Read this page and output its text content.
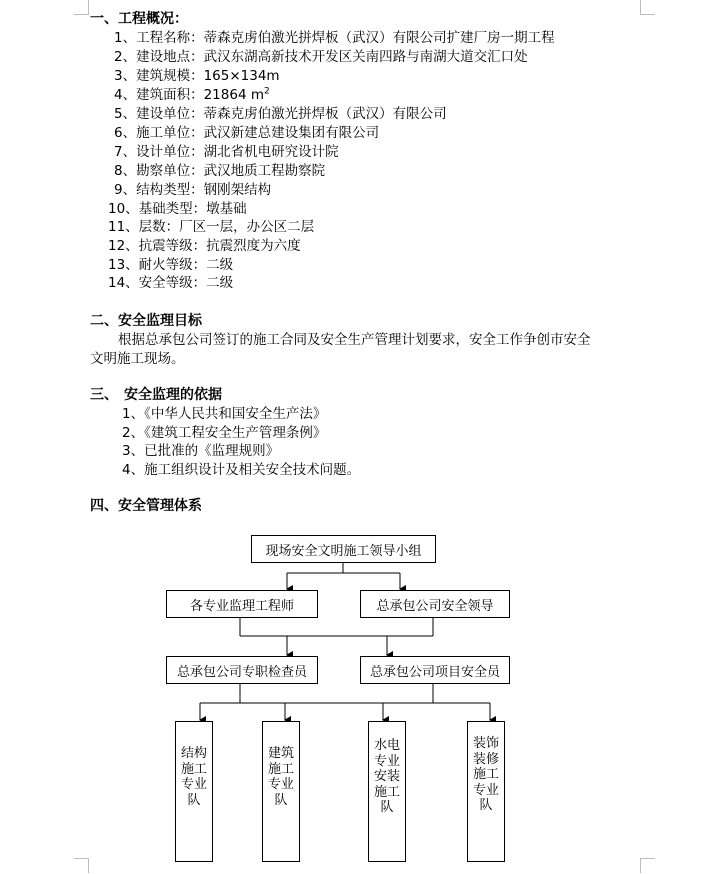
一、工程概况：
1、工程名称：蒂森克虏伯激光拼焊板（武汉）有限公司扩建厂房一期工程
2、建设地点：武汉东湖高新技术开发区关南四路与南湖大道交汇口处
3、建筑规模：165×134m
4、建筑面积：21864 $m^2$
5、建设单位：蒂森克虏伯激光拼焊板（武汉）有限公司
6、施工单位：武汉新建总建设集团有限公司
7、设计单位：湖北省机电研究设计院
8、勘察单位：武汉地质工程勘察院
9、结构类型：钢刚架结构
10、基础类型：墩基础
11、层数：厂区一层，办公区二层
12、抗震等级：抗震烈度为六度
13、耐火等级：二级
14、安全等级：二级
二、安全监理目标
根据总承包公司签订的施工合同及安全生产管理计划要求，安全工作争创市安全
文明施工现场。
三、 安全监理的依据
1、《中华人民共和国安全生产法》
2、《建筑工程安全生产管理条例》
3、已批准的《监理规则》
4、施工组织设计及相关安全技术问题。
四、安全管理体系
现场安全文明施工领导小组
各专业监理工程师	总承包公司安全领导
总承包公司专职检查员	总承包公司项目安全员
结构施工专业队
建筑施工专业队
水电专业安装施工队
装饰装修施工专业队
